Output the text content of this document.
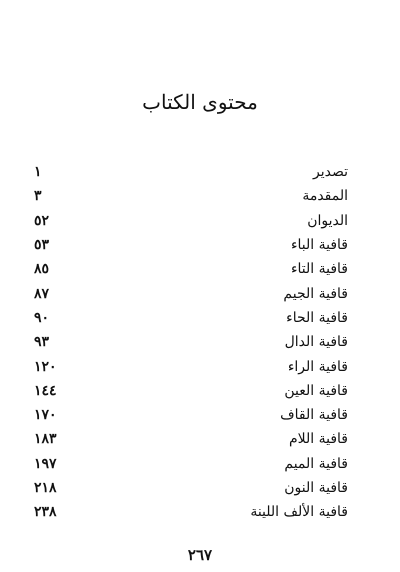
محتوى الكتاب
تصدير
١
المقدمة
٣
الديوان
٥٢
قافية الباء
٥٣
قافية التاء
٨٥
قافية الجيم
٨٧
قافية الحاء
٩٠
قافية الدال
٩٣
قافية الراء
١٢٠
قافية العين
١٤٤
قافية القاف
١٧٠
قافية اللام
١٨٣
قافية الميم
١٩٧
قافية النون
٢١٨
قافية الألف اللينة
٢٣٨
٢٦٧
